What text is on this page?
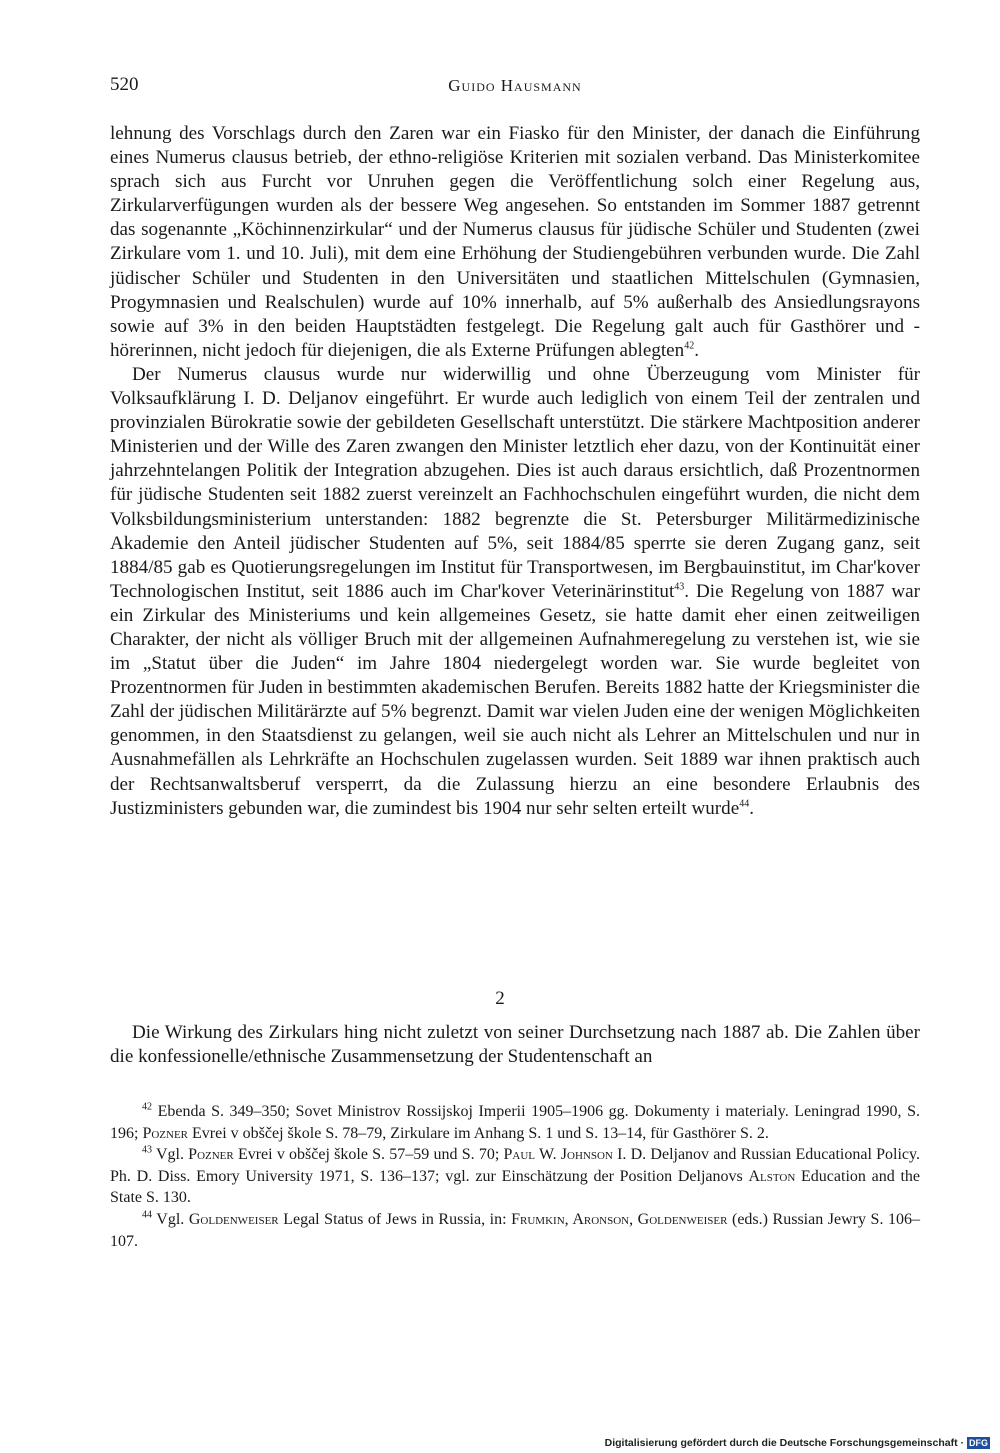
520	Guido Hausmann

lehnung des Vorschlags durch den Zaren war ein Fiasko für den Minister, der danach die Einführung eines Numerus clausus betrieb, der ethno-religiöse Kriterien mit sozialen verband. Das Ministerkomitee sprach sich aus Furcht vor Unruhen gegen die Veröffentlichung solch einer Regelung aus, Zirkularverfügungen wurden als der bessere Weg angesehen. So entstanden im Sommer 1887 getrennt das sogenannte „Köchinnenzirkular“ und der Numerus clausus für jüdische Schüler und Studenten (zwei Zirkulare vom 1. und 10. Juli), mit dem eine Erhöhung der Studiengebühren verbunden wurde. Die Zahl jüdischer Schüler und Studenten in den Universitäten und staatlichen Mittelschulen (Gymnasien, Progymnasien und Realschulen) wurde auf 10% innerhalb, auf 5% außerhalb des Ansiedlungsrayons sowie auf 3% in den beiden Hauptstädten festgelegt. Die Regelung galt auch für Gasthörer und -hörerinnen, nicht jedoch für diejenigen, die als Externe Prüfungen ablegten$^{42}$.

Der Numerus clausus wurde nur widerwillig und ohne Überzeugung vom Minister für Volksaufklärung I. D. Deljanov eingeführt. Er wurde auch lediglich von einem Teil der zentralen und provinzialen Bürokratie sowie der gebildeten Gesellschaft unterstützt. Die stärkere Machtposition anderer Ministerien und der Wille des Zaren zwangen den Minister letztlich eher dazu, von der Kontinuität einer jahrzehntelangen Politik der Integration abzugehen. Dies ist auch daraus ersichtlich, daß Prozentnormen für jüdische Studenten seit 1882 zuerst vereinzelt an Fachhochschulen eingeführt wurden, die nicht dem Volksbildungsministerium unterstanden: 1882 begrenzte die St. Petersburger Militärmedizinische Akademie den Anteil jüdischer Studenten auf 5%, seit 1884/85 sperrte sie deren Zugang ganz, seit 1884/85 gab es Quotierungsregelungen im Institut für Transportwesen, im Bergbauinstitut, im Char'kover Technologischen Institut, seit 1886 auch im Char'kover Veterinärinstitut$^{43}$. Die Regelung von 1887 war ein Zirkular des Ministeriums und kein allgemeines Gesetz, sie hatte damit eher einen zeitweiligen Charakter, der nicht als völliger Bruch mit der allgemeinen Aufnahmeregelung zu verstehen ist, wie sie im „Statut über die Juden“ im Jahre 1804 niedergelegt worden war. Sie wurde begleitet von Prozentnormen für Juden in bestimmten akademischen Berufen. Bereits 1882 hatte der Kriegsminister die Zahl der jüdischen Militärärzte auf 5% begrenzt. Damit war vielen Juden eine der wenigen Möglichkeiten genommen, in den Staatsdienst zu gelangen, weil sie auch nicht als Lehrer an Mittelschulen und nur in Ausnahmefällen als Lehrkräfte an Hochschulen zugelassen wurden. Seit 1889 war ihnen praktisch auch der Rechtsanwaltsberuf versperrt, da die Zulassung hierzu an eine besondere Erlaubnis des Justizministers gebunden war, die zumindest bis 1904 nur sehr selten erteilt wurde$^{44}$.

2

Die Wirkung des Zirkulars hing nicht zuletzt von seiner Durchsetzung nach 1887 ab. Die Zahlen über die konfessionelle/ethnische Zusammensetzung der Studentenschaft an

$^{42}$ Ebenda S. 349–350; Sovet Ministrov Rossijskoj Imperii 1905–1906 gg. Dokumenty i materialy. Leningrad 1990, S. 196; Pozner Evrei v obščej škole S. 78–79, Zirkulare im Anhang S. 1 und S. 13–14, für Gasthörer S. 2.

$^{43}$ Vgl. Pozner Evrei v obščej škole S. 57–59 und S. 70; Paul W. Johnson I. D. Deljanov and Russian Educational Policy. Ph. D. Diss. Emory University 1971, S. 136–137; vgl. zur Einschätzung der Position Deljanovs Alston Education and the State S. 130.

$^{44}$ Vgl. Goldenweiser Legal Status of Jews in Russia, in: Frumkin, Aronson, Goldenweiser (eds.) Russian Jewry S. 106–107.

Digitalisierung gefördert durch die Deutsche Forschungsgemeinschaft · DFG
